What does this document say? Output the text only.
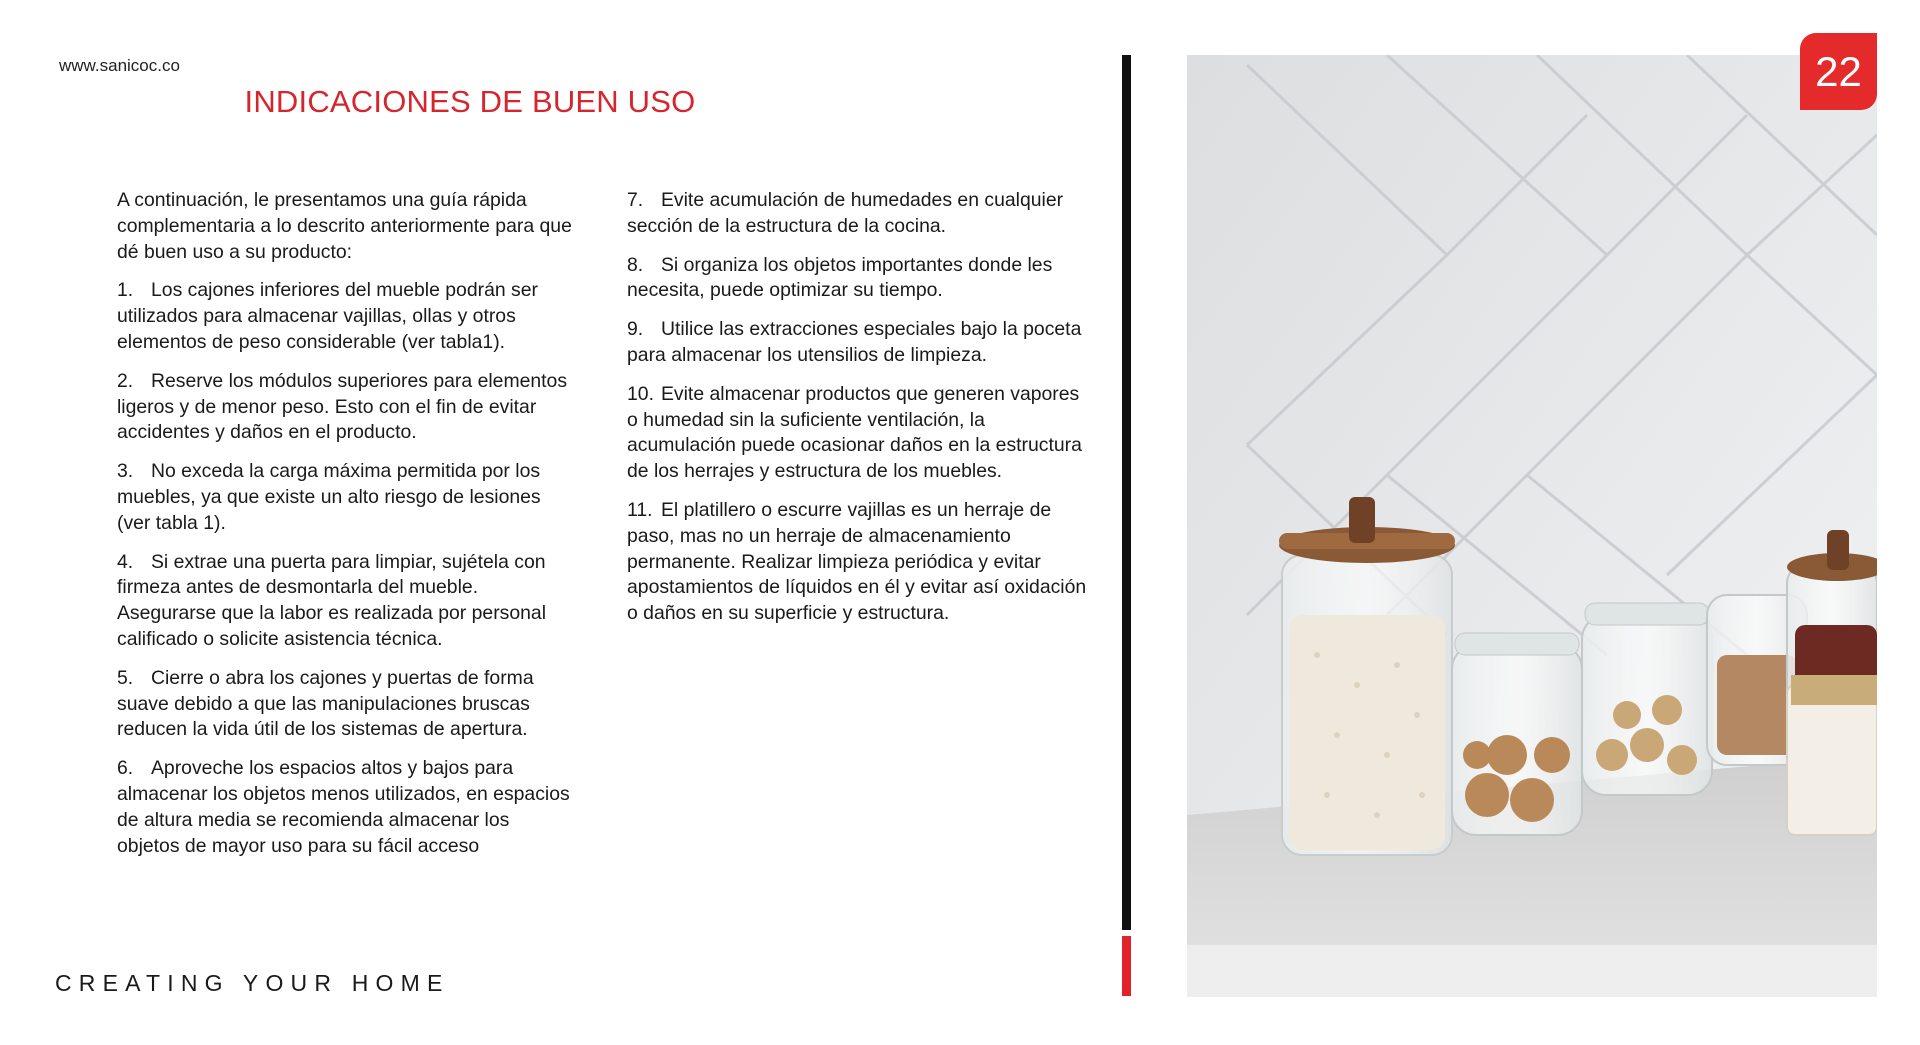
www.sanicoc.co
INDICACIONES DE BUEN USO

A continuación, le presentamos una guía rápida complementaria a lo descrito anteriormente para que dé buen uso a su producto:

1. Los cajones inferiores del mueble podrán ser utilizados para almacenar vajillas, ollas y otros elementos de peso considerable (ver tabla1).

2. Reserve los módulos superiores para elementos ligeros y de menor peso. Esto con el fin de evitar accidentes y daños en el producto.

3. No exceda la carga máxima permitida por los muebles, ya que existe un alto riesgo de lesiones (ver tabla 1).

4. Si extrae una puerta para limpiar, sujétela con firmeza antes de desmontarla del mueble. Asegurarse que la labor es realizada por personal calificado o solicite asistencia técnica.

5. Cierre o abra los cajones y puertas de forma suave debido a que las manipulaciones bruscas reducen la vida útil de los sistemas de apertura.

6. Aproveche los espacios altos y bajos para almacenar los objetos menos utilizados, en espacios de altura media se recomienda almacenar los objetos de mayor uso para su fácil acceso

7. Evite acumulación de humedades en cualquier sección de la estructura de la cocina.

8. Si organiza los objetos importantes donde les necesita, puede optimizar su tiempo.

9. Utilice las extracciones especiales bajo la poceta para almacenar los utensilios de limpieza.

10. Evite almacenar productos que generen vapores o humedad sin la suficiente ventilación, la acumulación puede ocasionar daños en la estructura de los herrajes y estructura de los muebles.

11. El platillero o escurre vajillas es un herraje de paso, mas no un herraje de almacenamiento permanente. Realizar limpieza periódica y evitar apostamientos de líquidos en él y evitar así oxidación o daños en su superficie y estructura.

CREATING YOUR HOME
22
